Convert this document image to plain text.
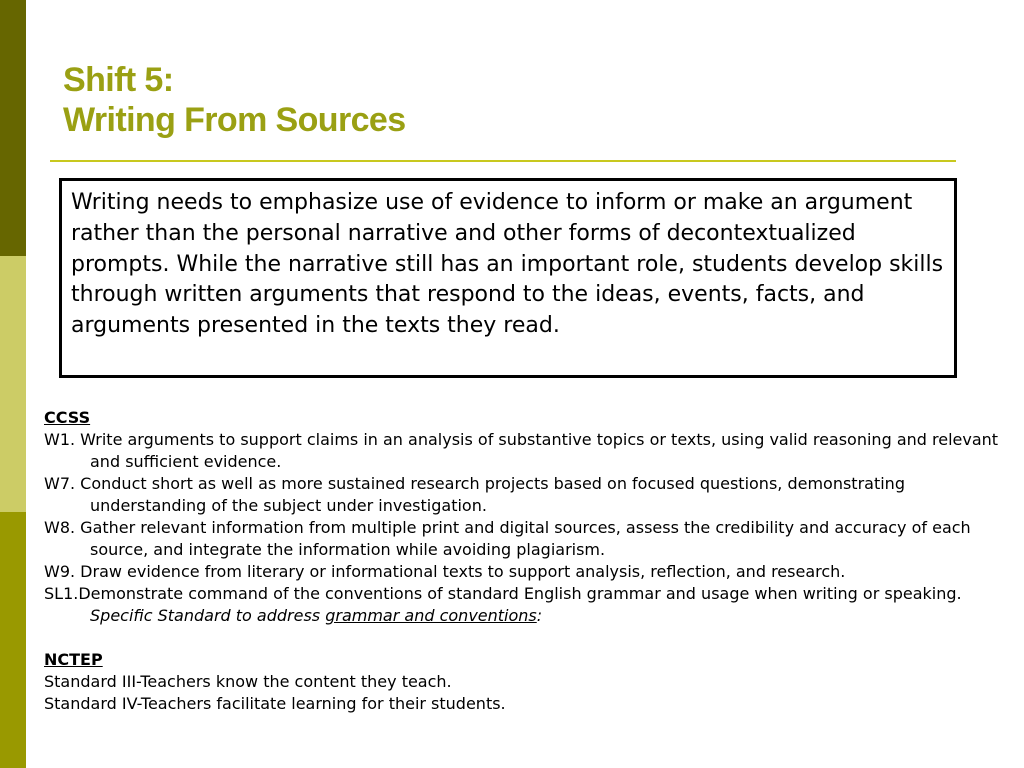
Shift 5:
Writing From Sources
Writing needs to emphasize use of evidence to inform or make an argument rather than the personal narrative and other forms of decontextualized prompts. While the narrative still has an important role, students develop skills through written arguments that respond to the ideas, events, facts, and arguments presented in the texts they read.
CCSS
W1. Write arguments to support claims in an analysis of substantive topics or texts, using valid reasoning and relevant and sufficient evidence.
W7. Conduct short as well as more sustained research projects based on focused questions, demonstrating understanding of the subject under investigation.
W8. Gather relevant information from multiple print and digital sources, assess the credibility and accuracy of each source, and integrate the information while avoiding plagiarism.
W9. Draw evidence from literary or informational texts to support analysis, reflection, and research.
SL1.Demonstrate command of the conventions of standard English grammar and usage when writing or speaking. Specific Standard to address grammar and conventions:
NCTEP
Standard III-Teachers know the content they teach.
Standard IV-Teachers facilitate learning for their students.
